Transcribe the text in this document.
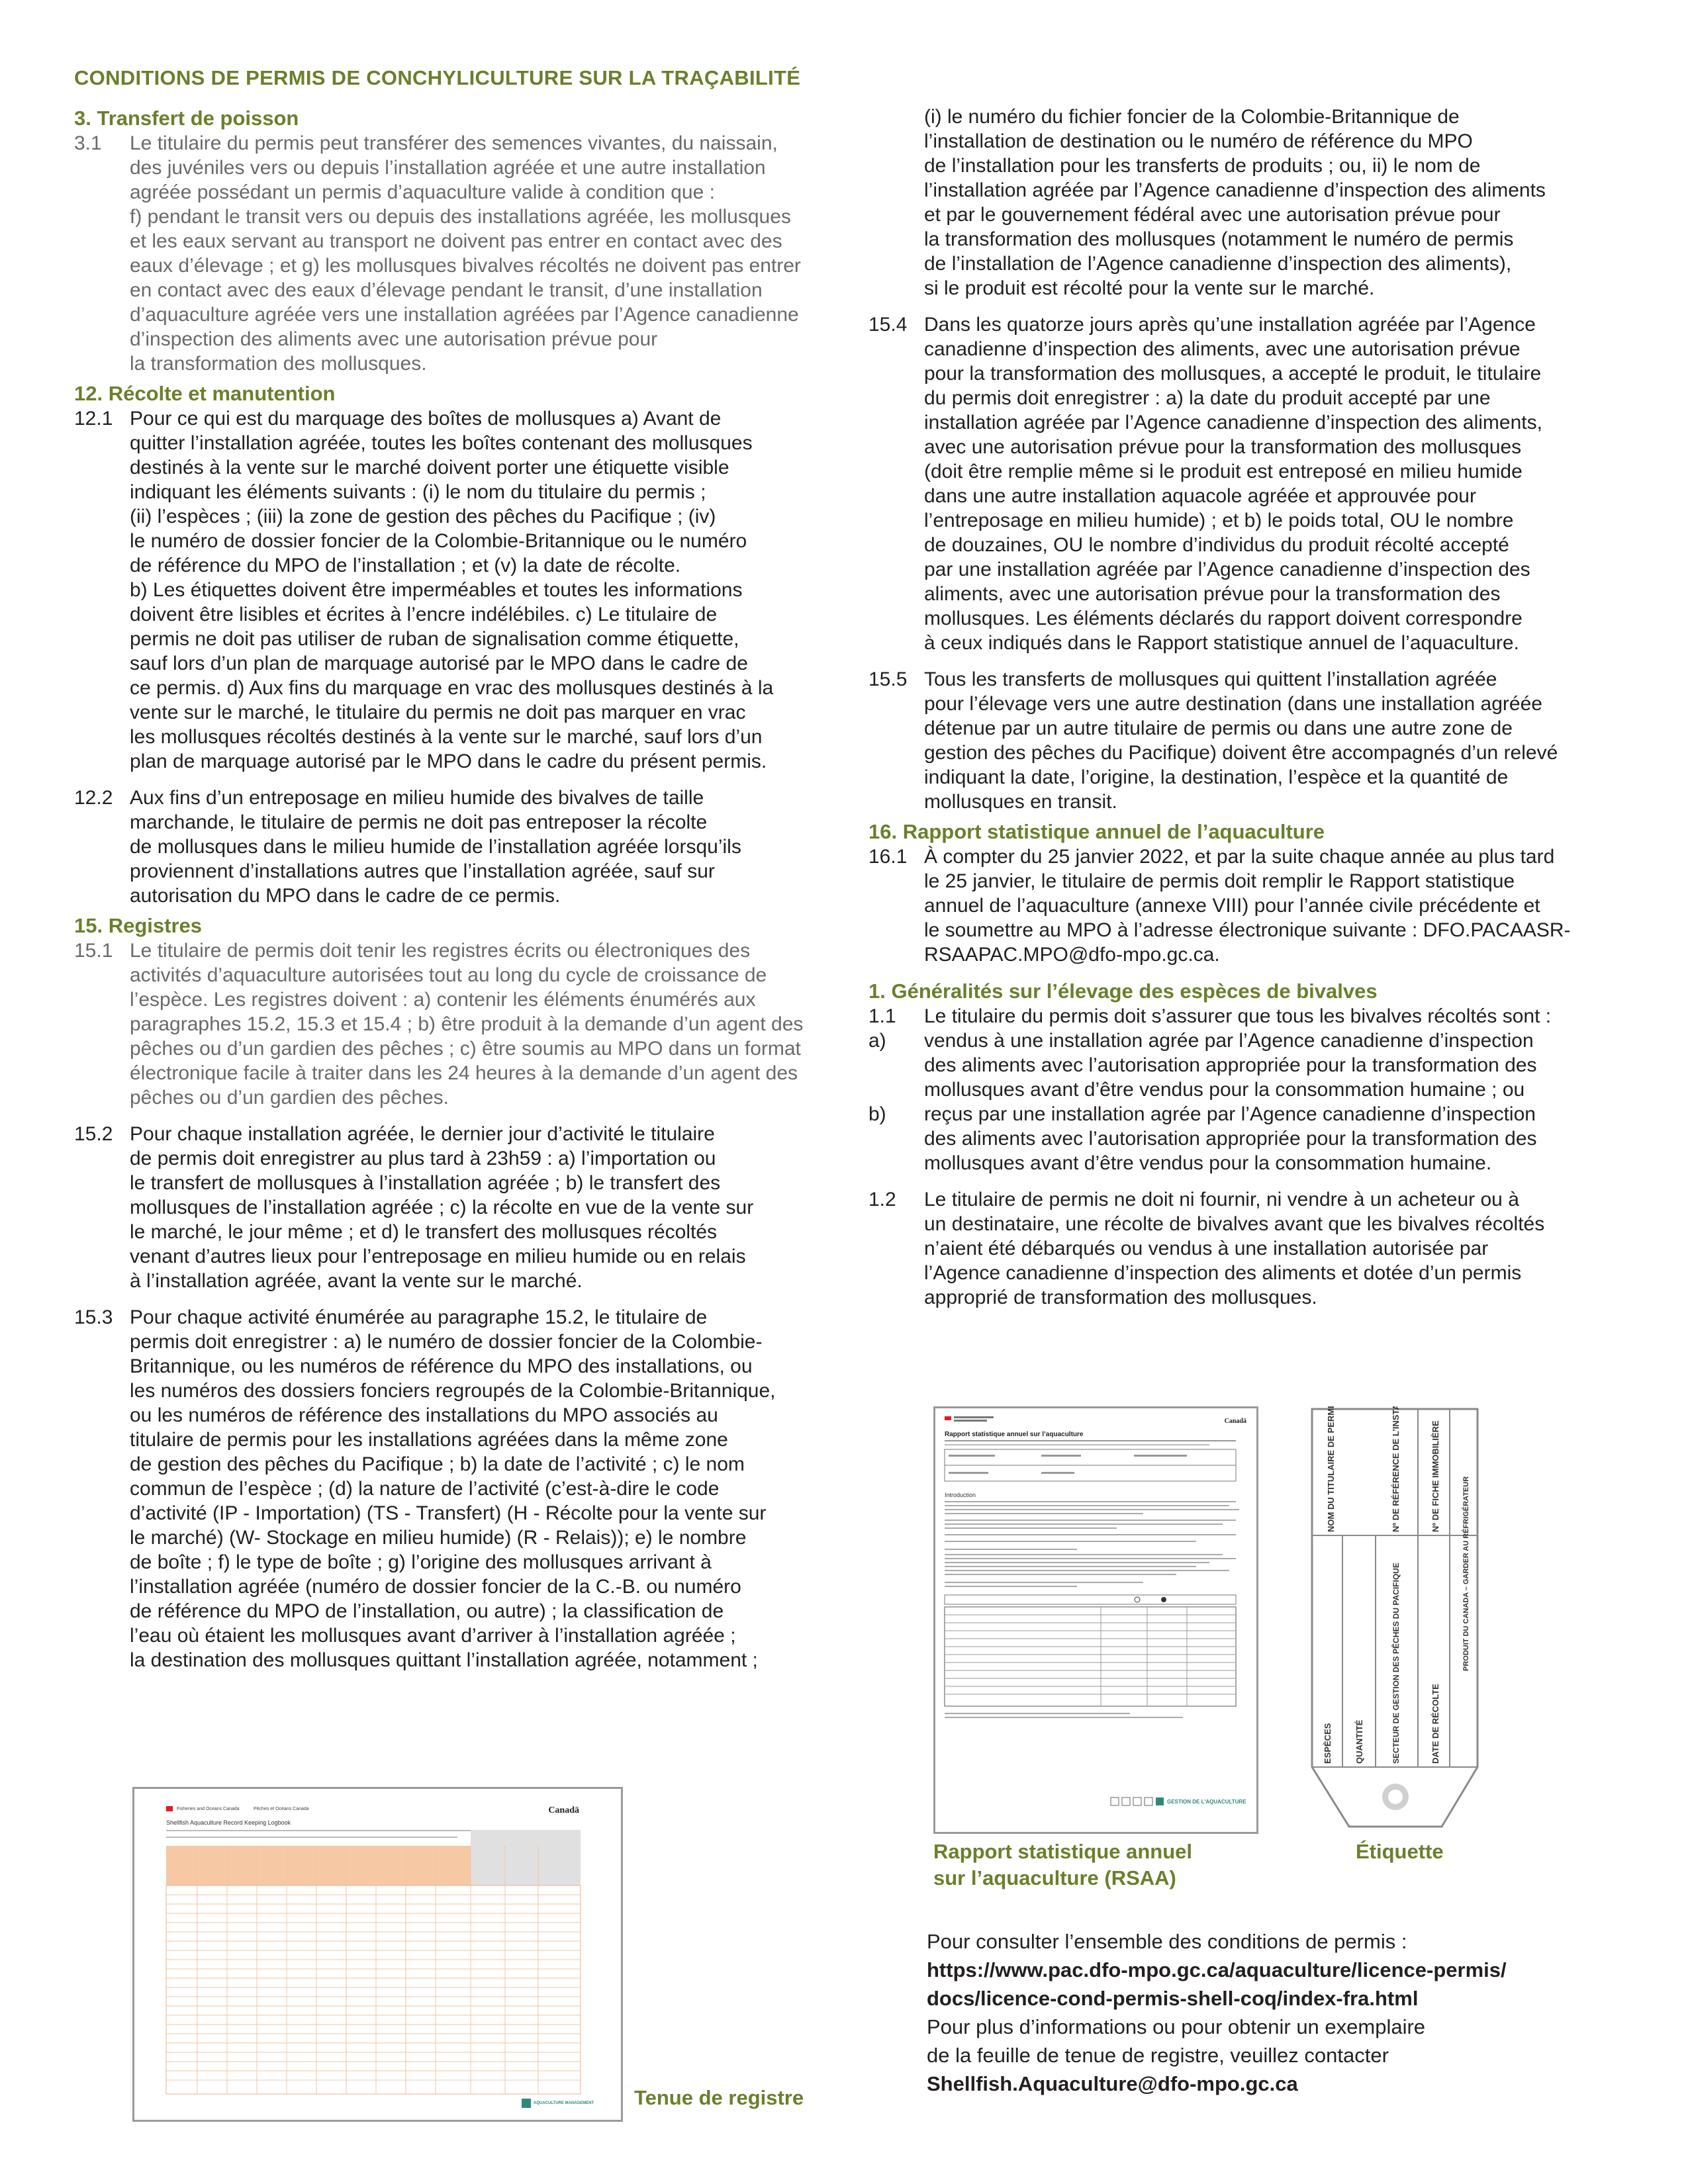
CONDITIONS DE PERMIS DE CONCHYLICULTURE SUR LA TRAÇABILITÉ
3. Transfert de poisson
3.1	Le titulaire du permis peut transférer des semences vivantes, du naissain,
des juvéniles vers ou depuis l’installation agréée et une autre installation
agréée possédant un permis d’aquaculture valide à condition que :
f) pendant le transit vers ou depuis des installations agréée, les mollusques
et les eaux servant au transport ne doivent pas entrer en contact avec des
eaux d’élevage ; et g) les mollusques bivalves récoltés ne doivent pas entrer
en contact avec des eaux d’élevage pendant le transit, d’une installation
d’aquaculture agréée vers une installation agréées par l’Agence canadienne
d’inspection des aliments avec une autorisation prévue pour
la transformation des mollusques.
12. Récolte et manutention
12.1 Pour ce qui est du marquage des boîtes de mollusques a) Avant de
quitter l’installation agréée, toutes les boîtes contenant des mollusques
destinés à la vente sur le marché doivent porter une étiquette visible
indiquant les éléments suivants : (i) le nom du titulaire du permis ;
(ii) l’espèces ; (iii) la zone de gestion des pêches du Pacifique ; (iv)
le numéro de dossier foncier de la Colombie-Britannique ou le numéro
de référence du MPO de l’installation ; et (v) la date de récolte.
b) Les étiquettes doivent être imperméables et toutes les informations
doivent être lisibles et écrites à l’encre indélébiles. c) Le titulaire de
permis ne doit pas utiliser de ruban de signalisation comme étiquette,
sauf lors d’un plan de marquage autorisé par le MPO dans le cadre de
ce permis. d) Aux fins du marquage en vrac des mollusques destinés à la
vente sur le marché, le titulaire du permis ne doit pas marquer en vrac
les mollusques récoltés destinés à la vente sur le marché, sauf lors d’un
plan de marquage autorisé par le MPO dans le cadre du présent permis.
12.2 Aux fins d’un entreposage en milieu humide des bivalves de taille
marchande, le titulaire de permis ne doit pas entreposer la récolte
de mollusques dans le milieu humide de l’installation agréée lorsqu’ils
proviennent d’installations autres que l’installation agréée, sauf sur
autorisation du MPO dans le cadre de ce permis.
15. Registres
15.1 Le titulaire de permis doit tenir les registres écrits ou électroniques des
activités d’aquaculture autorisées tout au long du cycle de croissance de
l’espèce. Les registres doivent : a) contenir les éléments énumérés aux
paragraphes 15.2, 15.3 et 15.4 ; b) être produit à la demande d’un agent des
pêches ou d’un gardien des pêches ; c) être soumis au MPO dans un format
électronique facile à traiter dans les 24 heures à la demande d’un agent des
pêches ou d’un gardien des pêches.
15.2 Pour chaque installation agréée, le dernier jour d’activité le titulaire
de permis doit enregistrer au plus tard à 23h59 : a) l’importation ou
le transfert de mollusques à l’installation agréée ; b) le transfert des
mollusques de l’installation agréée ; c) la récolte en vue de la vente sur
le marché, le jour même ; et d) le transfert des mollusques récoltés
venant d’autres lieux pour l’entreposage en milieu humide ou en relais
à l’installation agréée, avant la vente sur le marché.
15.3 Pour chaque activité énumérée au paragraphe 15.2, le titulaire de
permis doit enregistrer : a) le numéro de dossier foncier de la Colombie-
Britannique, ou les numéros de référence du MPO des installations, ou
les numéros des dossiers fonciers regroupés de la Colombie-Britannique,
ou les numéros de référence des installations du MPO associés au
titulaire de permis pour les installations agréées dans la même zone
de gestion des pêches du Pacifique ; b) la date de l’activité ; c) le nom
commun de l’espèce ; (d) la nature de l’activité (c’est-à-dire le code
d’activité (IP - Importation) (TS - Transfert) (H - Récolte pour la vente sur
le marché) (W- Stockage en milieu humide) (R - Relais)); e) le nombre
de boîte ; f) le type de boîte ; g) l’origine des mollusques arrivant à
l’installation agréée (numéro de dossier foncier de la C.-B. ou numéro
de référence du MPO de l’installation, ou autre) ; la classification de
l’eau où étaient les mollusques avant d’arriver à l’installation agréée ;
la destination des mollusques quittant l’installation agréée, notamment ;
(i) le numéro du fichier foncier de la Colombie-Britannique de
l’installation de destination ou le numéro de référence du MPO
de l’installation pour les transferts de produits ; ou, ii) le nom de
l’installation agréée par l’Agence canadienne d’inspection des aliments
et par le gouvernement fédéral avec une autorisation prévue pour
la transformation des mollusques (notamment le numéro de permis
de l’installation de l’Agence canadienne d’inspection des aliments),
si le produit est récolté pour la vente sur le marché.
15.4 Dans les quatorze jours après qu’une installation agréée par l’Agence
canadienne d’inspection des aliments, avec une autorisation prévue
pour la transformation des mollusques, a accepté le produit, le titulaire
du permis doit enregistrer : a) la date du produit accepté par une
installation agréée par l’Agence canadienne d’inspection des aliments,
avec une autorisation prévue pour la transformation des mollusques
(doit être remplie même si le produit est entreposé en milieu humide
dans une autre installation aquacole agréée et approuvée pour
l’entreposage en milieu humide) ; et b) le poids total, OU le nombre
de douzaines, OU le nombre d’individus du produit récolté accepté
par une installation agréée par l’Agence canadienne d’inspection des
aliments, avec une autorisation prévue pour la transformation des
mollusques. Les éléments déclarés du rapport doivent correspondre
à ceux indiqués dans le Rapport statistique annuel de l’aquaculture.
15.5 Tous les transferts de mollusques qui quittent l’installation agréée
pour l’élevage vers une autre destination (dans une installation agréée
détenue par un autre titulaire de permis ou dans une autre zone de
gestion des pêches du Pacifique) doivent être accompagnés d’un relevé
indiquant la date, l’origine, la destination, l’espèce et la quantité de
mollusques en transit.
16. Rapport statistique annuel de l’aquaculture
16.1 À compter du 25 janvier 2022, et par la suite chaque année au plus tard
le 25 janvier, le titulaire de permis doit remplir le Rapport statistique
annuel de l’aquaculture (annexe VIII) pour l’année civile précédente et
le soumettre au MPO à l’adresse électronique suivante : DFO.PACAASR-
RSAAPAC.MPO@dfo-mpo.gc.ca.
1. Généralités sur l’élevage des espèces de bivalves
1.1	Le titulaire du permis doit s’assurer que tous les bivalves récoltés sont :
a)	vendus à une installation agrée par l’Agence canadienne d’inspection
des aliments avec l’autorisation appropriée pour la transformation des
mollusques avant d’être vendus pour la consommation humaine ; ou
b)	reçus par une installation agrée par l’Agence canadienne d’inspection
des aliments avec l’autorisation appropriée pour la transformation des
mollusques avant d’être vendus pour la consommation humaine.
1.2	Le titulaire de permis ne doit ni fournir, ni vendre à un acheteur ou à
un destinataire, une récolte de bivalves avant que les bivalves récoltés
n’aient été débarqués ou vendus à une installation autorisée par
l’Agence canadienne d’inspection des aliments et dotée d’un permis
approprié de transformation des mollusques.
Canadä
Rapport statistique annuel sur l’aquaculture
Introduction
GESTION DE L'AQUACULTURE
Rapport statistique annuel
sur l’aquaculture (RSAA)
NOM DU TITULAIRE DE PERMIS	Nº DE RÉFÉRENCE DE L’INSTALLATION	Nº DE FICHE IMMOBILIÈRE
PRODUIT DU CANADA – GARDER AU RÉFRIGÉRATEUR
ESPÈCES	QUANTITÉ	SECTEUR DE GESTION DES PÊCHES DU PACIFIQUE	DATE DE RÉCOLTE
Étiquette
Fisheries and Oceans Canada	Pêches et Océans Canada	Canadä
Shellfish Aquaculture Record Keeping Logbook
AQUACULTURE MANAGEMENT Tenue de registre
Pour consulter l’ensemble des conditions de permis :
https://www.pac.dfo-mpo.gc.ca/aquaculture/licence-permis/
docs/licence-cond-permis-shell-coq/index-fra.html
Pour plus d’informations ou pour obtenir un exemplaire
de la feuille de tenue de registre, veuillez contacter
Shellfish.Aquaculture@dfo-mpo.gc.ca
